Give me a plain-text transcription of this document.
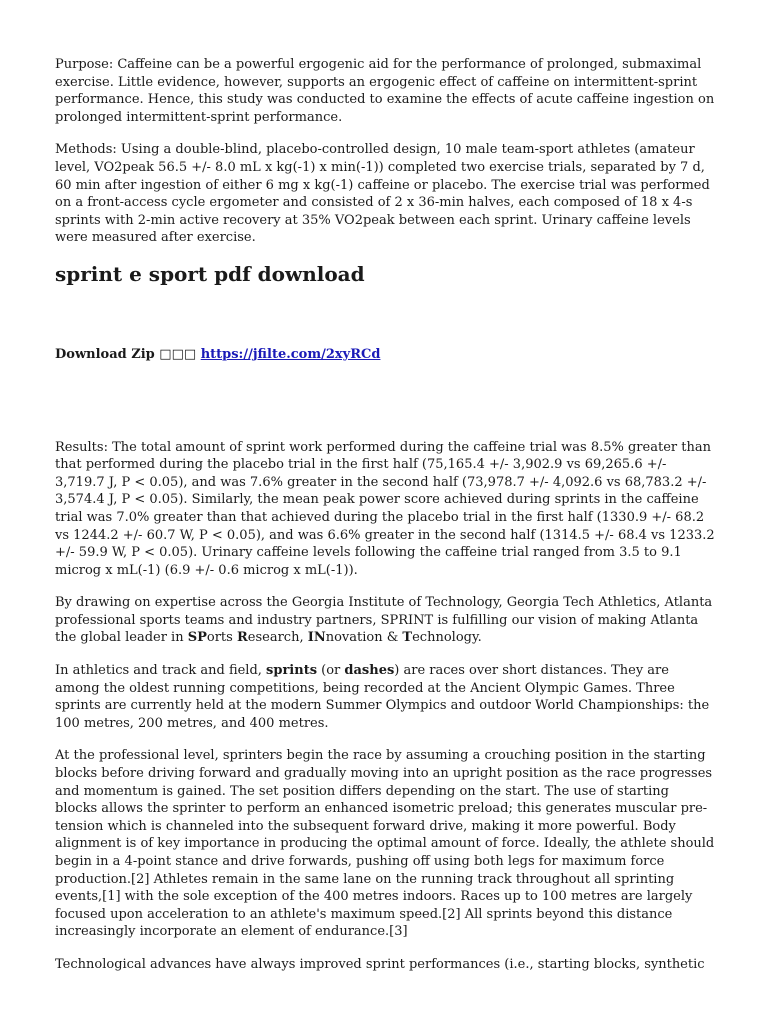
Purpose: Caffeine can be a powerful ergogenic aid for the performance of prolonged, submaximal exercise. Little evidence, however, supports an ergogenic effect of caffeine on intermittent-sprint performance. Hence, this study was conducted to examine the effects of acute caffeine ingestion on prolonged intermittent-sprint performance.

Methods: Using a double-blind, placebo-controlled design, 10 male team-sport athletes (amateur level, VO2peak 56.5 +/- 8.0 mL x kg(-1) x min(-1)) completed two exercise trials, separated by 7 d, 60 min after ingestion of either 6 mg x kg(-1) caffeine or placebo. The exercise trial was performed on a front-access cycle ergometer and consisted of 2 x 36-min halves, each composed of 18 x 4-s sprints with 2-min active recovery at 35% VO2peak between each sprint. Urinary caffeine levels were measured after exercise.

sprint e sport pdf download
Download Zip □□□ https://jfilte.com/2xyRCd

Results: The total amount of sprint work performed during the caffeine trial was 8.5% greater than that performed during the placebo trial in the first half (75,165.4 +/- 3,902.9 vs 69,265.6 +/- 3,719.7 J, P < 0.05), and was 7.6% greater in the second half (73,978.7 +/- 4,092.6 vs 68,783.2 +/- 3,574.4 J, P < 0.05). Similarly, the mean peak power score achieved during sprints in the caffeine trial was 7.0% greater than that achieved during the placebo trial in the first half (1330.9 +/- 68.2 vs 1244.2 +/- 60.7 W, P < 0.05), and was 6.6% greater in the second half (1314.5 +/- 68.4 vs 1233.2 +/- 59.9 W, P < 0.05). Urinary caffeine levels following the caffeine trial ranged from 3.5 to 9.1 microg x mL(-1) (6.9 +/- 0.6 microg x mL(-1)).

By drawing on expertise across the Georgia Institute of Technology, Georgia Tech Athletics, Atlanta professional sports teams and industry partners, SPRINT is fulfilling our vision of making Atlanta the global leader in SPorts Research, INnovation & Technology.

In athletics and track and field, sprints (or dashes) are races over short distances. They are among the oldest running competitions, being recorded at the Ancient Olympic Games. Three sprints are currently held at the modern Summer Olympics and outdoor World Championships: the 100 metres, 200 metres, and 400 metres.

At the professional level, sprinters begin the race by assuming a crouching position in the starting blocks before driving forward and gradually moving into an upright position as the race progresses and momentum is gained. The set position differs depending on the start. The use of starting blocks allows the sprinter to perform an enhanced isometric preload; this generates muscular pre-tension which is channeled into the subsequent forward drive, making it more powerful. Body alignment is of key importance in producing the optimal amount of force. Ideally, the athlete should begin in a 4-point stance and drive forwards, pushing off using both legs for maximum force production.[2] Athletes remain in the same lane on the running track throughout all sprinting events,[1] with the sole exception of the 400 metres indoors. Races up to 100 metres are largely focused upon acceleration to an athlete's maximum speed.[2] All sprints beyond this distance increasingly incorporate an element of endurance.[3]

Technological advances have always improved sprint performances (i.e., starting blocks, synthetic
